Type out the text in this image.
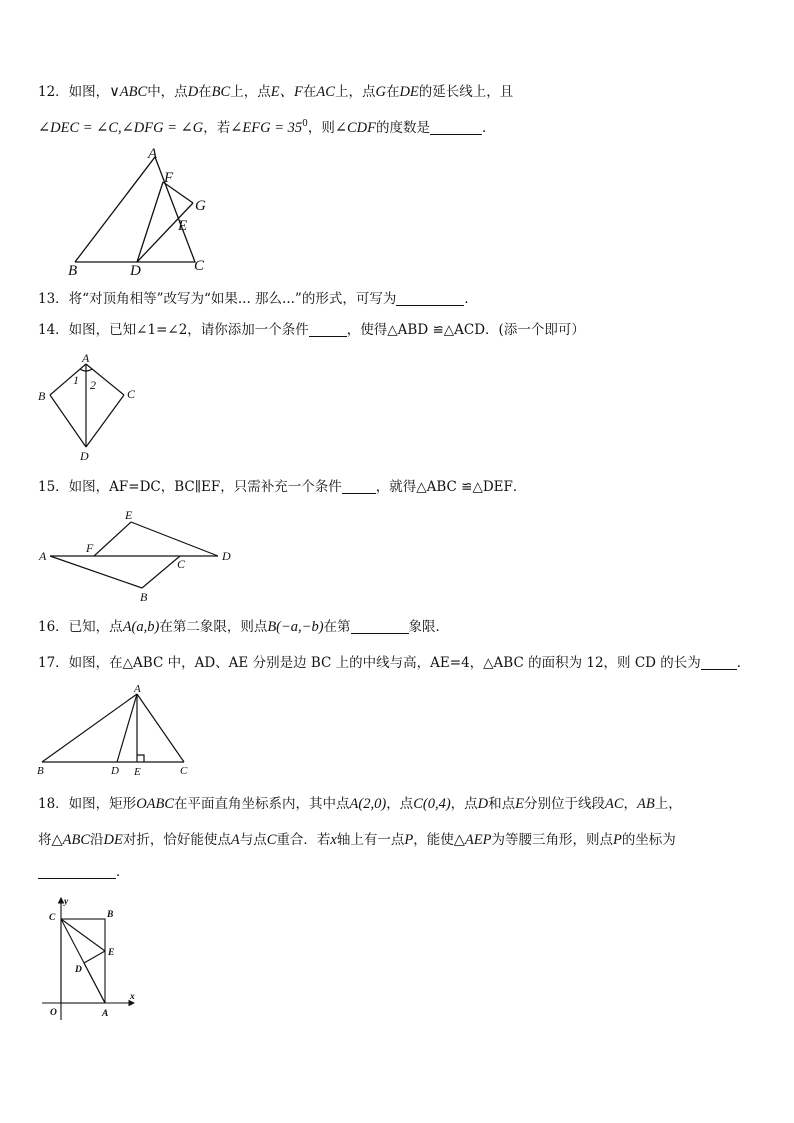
12．如图，∨ABC中，点D在BC上，点E、F在AC上，点G在DE的延长线上，且
∠DEC = ∠C,∠DFG = ∠G，若∠EFG = $35^0$，则∠CDF的度数是	．
A
B	C
D
E
F
G
13．将“对顶角相等”改写为“如果... 那么...”的形式，可写为	．
14．如图，已知∠1=∠2，请你添加一个条件	，使得△ABD ≌△ACD．(添一个即可）
A
B	C
D
1 2
15．如图，AF=DC，BC∥EF，只需补充一个条件	，就得△ABC ≌△DEF．
A
B
C
D
E
F
16．已知，点A(a,b)在第二象限，则点B(−a,−b)在第	象限．
17．如图，在△ABC 中，AD、AE 分别是边 BC 上的中线与高，AE=4，△ABC 的面积为 12，则 CD 的长为	．
A
B	C
D E
18．如图，矩形OABC在平面直角坐标系内，其中点A(2,0)，点C(0,4)，点D和点E分别位于线段AC，AB上，
将△ABC沿DE对折，恰好能使点A与点C重合．若x轴上有一点P，能使△AEP为等腰三角形，则点P的坐标为
．
y
x
O	A
B
C
D
E
